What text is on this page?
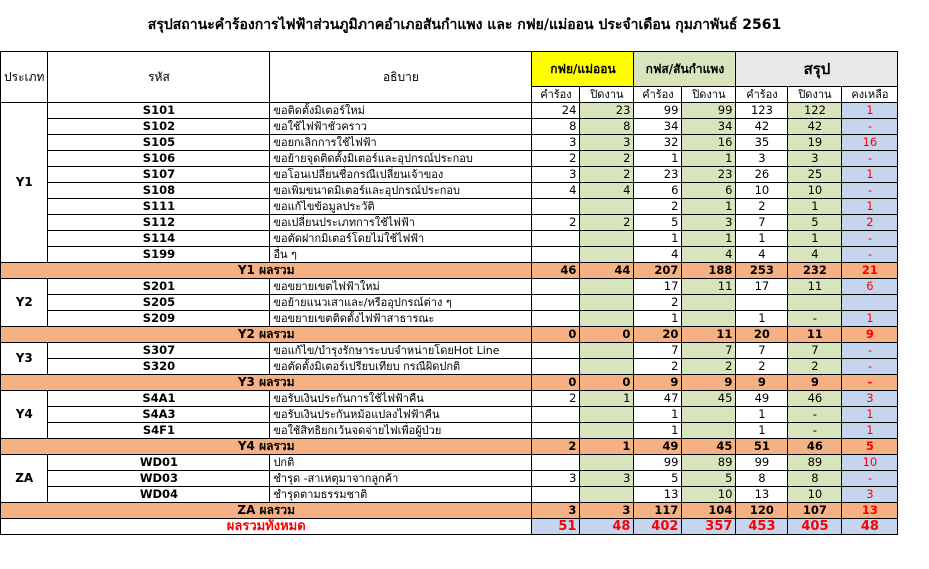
สรุปสถานะคำร้องการไฟฟ้าส่วนภูมิภาคอำเภอสันกำแพง และ กฟย/แม่ออน ประจำเดือน กุมภาพันธ์ 2561
ประเภท	รหัส	อธิบาย	กฟย/แม่ออน		กฟส/สันกำแพง		สรุป		
			คำร้อง	ปิดงาน	คำร้อง	ปิดงาน	คำร้อง	ปิดงาน	คงเหลือ
Y1	S101	ขอติดตั้งมิเตอร์ใหม่	24	23	99	99	123	122	1
	S102	ขอใช้ไฟฟ้าชั่วคราว	8	8	34	34	42	42	-
	S105	ขอยกเลิกการใช้ไฟฟ้า	3	3	32	16	35	19	16
	S106	ขอย้ายจุดติดตั้งมิเตอร์และอุปกรณ์ประกอบ	2	2	1	1	3	3	-
	S107	ขอโอนเปลี่ยนชื่อกรณีเปลี่ยนเจ้าของ	3	2	23	23	26	25	1
	S108	ขอเพิ่มขนาดมิเตอร์และอุปกรณ์ประกอบ	4	4	6	6	10	10	-
	S111	ขอแก้ไขข้อมูลประวัติ			2	1	2	1	1
	S112	ขอเปลี่ยนประเภทการใช้ไฟฟ้า	2	2	5	3	7	5	2
	S114	ขอตัดฝากมิเตอร์โดยไม่ใช้ไฟฟ้า			1	1	1	1	-
	S199	อื่น ๆ			4	4	4	4	-
Y1 ผลรวม			46	44	207	188	253	232	21
Y2	S201	ขอขยายเขตไฟฟ้าใหม่			17	11	17	11	6
	S205	ขอย้ายแนวเสาและ/หรืออุปกรณ์ต่าง ๆ			2				
	S209	ขอขยายเขตติดตั้งไฟฟ้าสาธารณะ			1		1	-	1
Y2 ผลรวม			0	0	20	11	20	11	9
Y3	S307	ขอแก้ไข/บำรุงรักษาระบบจำหน่ายโดยHot Line			7	7	7	7	-
	S320	ขอตัดตั้งมิเตอร์เปรียบเทียบ กรณีผิดปกติ			2	2	2	2	-
Y3 ผลรวม			0	0	9	9	9	9	-
Y4	S4A1	ขอรับเงินประกันการใช้ไฟฟ้าคืน	2	1	47	45	49	46	3
	S4A3	ขอรับเงินประกันหม้อแปลงไฟฟ้าคืน			1		1	-	1
	S4F1	ขอใช้สิทธิยกเว้นจดจ่ายไฟเพื่อผู้ป่วย			1		1	-	1
Y4 ผลรวม			2	1	49	45	51	46	5
ZA	WD01	ปกติ			99	89	99	89	10
	WD03	ชำรุด -สาเหตุมาจากลูกค้า	3	3	5	5	8	8	-
	WD04	ชำรุดตามธรรมชาติ			13	10	13	10	3
ZA ผลรวม			3	3	117	104	120	107	13
ผลรวมทั้งหมด			51	48	402	357	453	405	48
